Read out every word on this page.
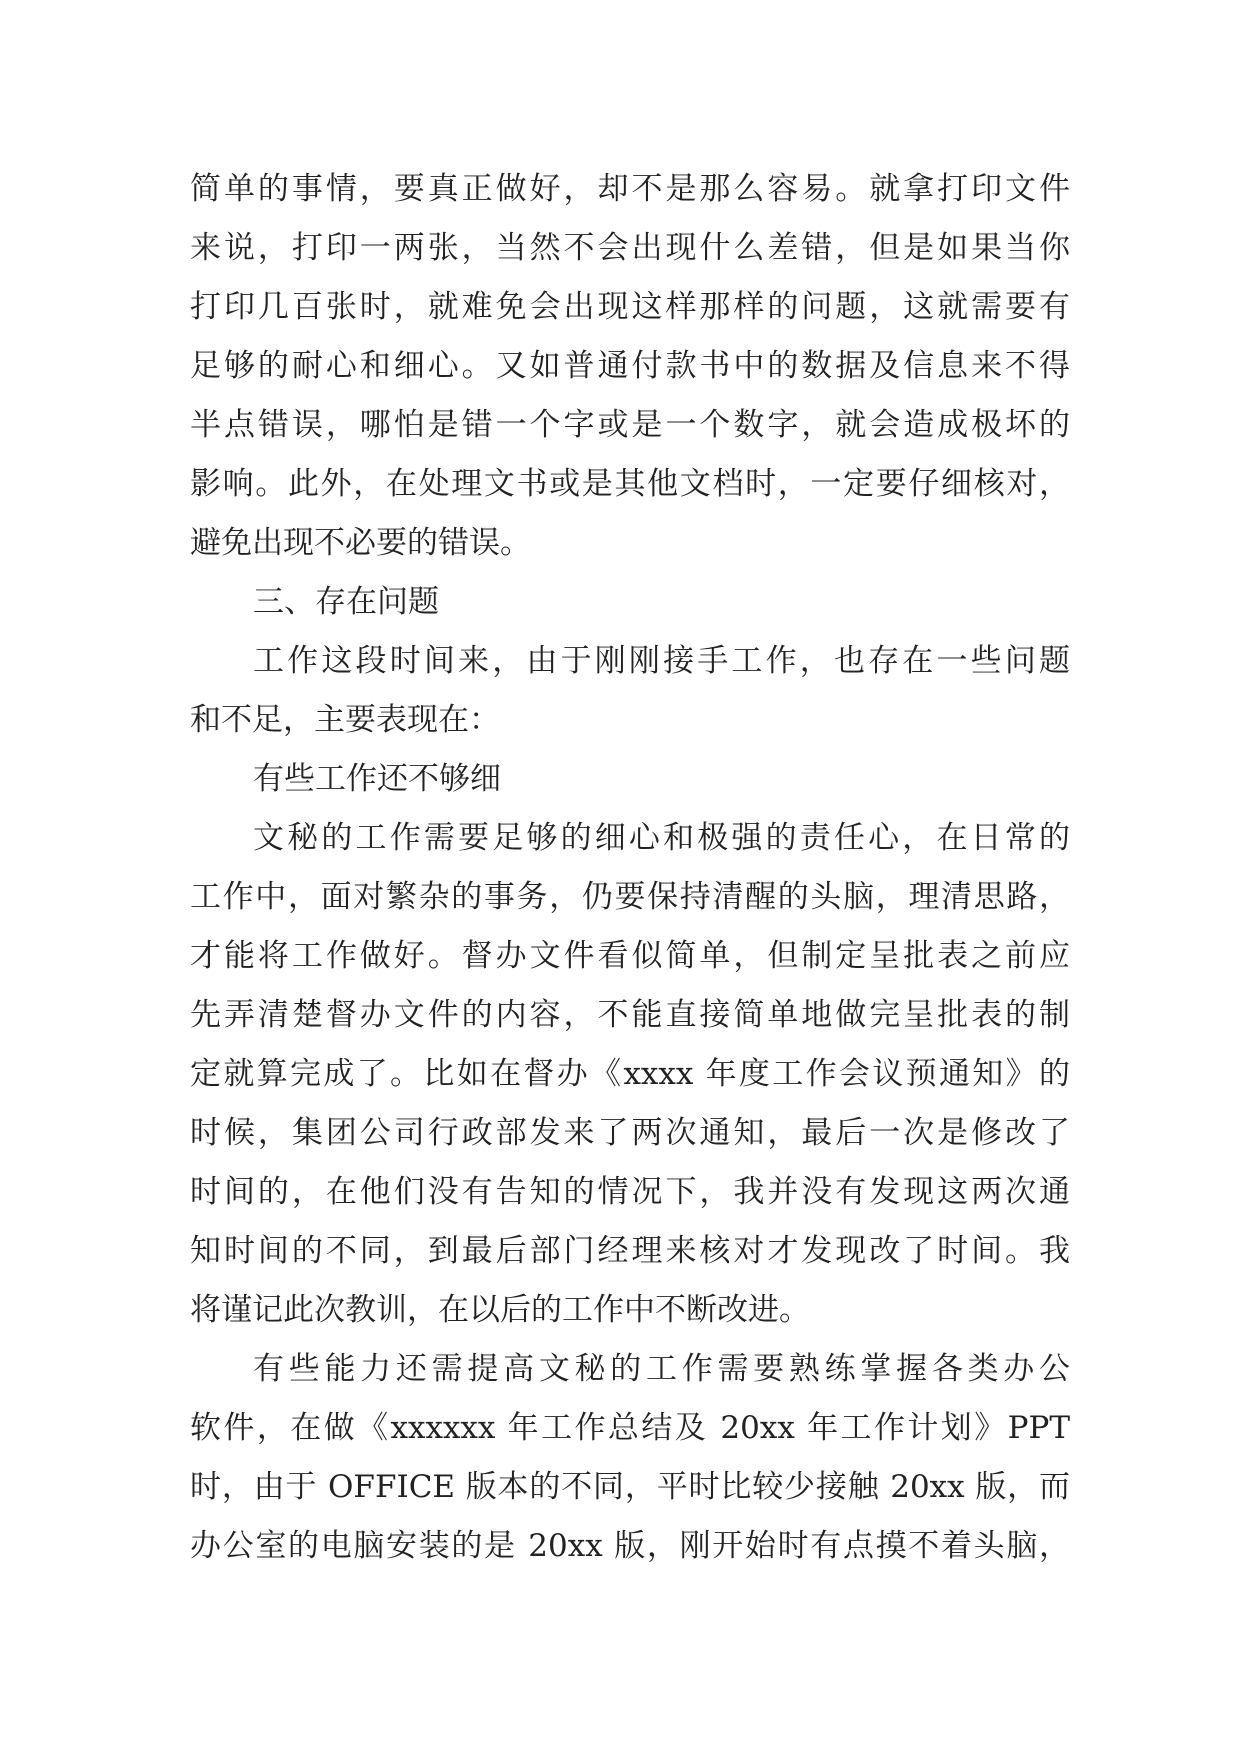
简单的事情，要真正做好，却不是那么容易。就拿打印文件
来说，打印一两张，当然不会出现什么差错，但是如果当你
打印几百张时，就难免会出现这样那样的问题，这就需要有
足够的耐心和细心。又如普通付款书中的数据及信息来不得
半点错误，哪怕是错一个字或是一个数字，就会造成极坏的
影响。此外，在处理文书或是其他文档时，一定要仔细核对，
避免出现不必要的错误。
三、存在问题
工作这段时间来，由于刚刚接手工作，也存在一些问题
和不足，主要表现在：
有些工作还不够细
文秘的工作需要足够的细心和极强的责任心，在日常的
工作中，面对繁杂的事务，仍要保持清醒的头脑，理清思路，
才能将工作做好。督办文件看似简单，但制定呈批表之前应
先弄清楚督办文件的内容，不能直接简单地做完呈批表的制
定就算完成了。比如在督办《xxxx 年度工作会议预通知》的
时候，集团公司行政部发来了两次通知，最后一次是修改了
时间的，在他们没有告知的情况下，我并没有发现这两次通
知时间的不同，到最后部门经理来核对才发现改了时间。我
将谨记此次教训，在以后的工作中不断改进。
有些能力还需提高文秘的工作需要熟练掌握各类办公
软件，在做《xxxxxx 年工作总结及 20xx 年工作计划》PPT
时，由于 OFFICE 版本的不同，平时比较少接触 20xx 版，而
办公室的电脑安装的是 20xx 版，刚开始时有点摸不着头脑，
